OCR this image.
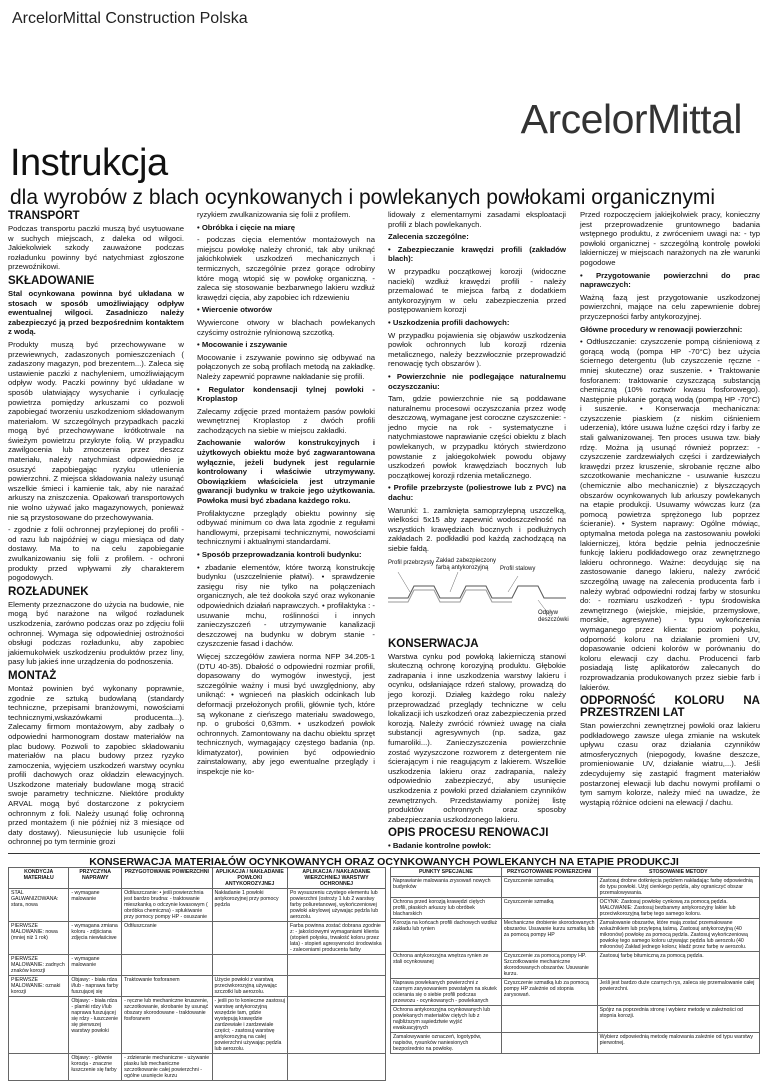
ArcelorMittal Construction Polska
ArcelorMittal
Instrukcja
dla wyrobów z blach ocynkowanych i powlekanych powłokami organicznymi
TRANSPORT

Podczas transportu paczki muszą być usytuowane w suchych miejscach, z daleka od wilgoci. Jakiekolwiek szkody zauważone podczas rozładunku powinny być natychmiast zgłoszone przewoźnikowi.

SKŁADOWANIE

Stal ocynkowana powinna być układana w stosach w sposób umożliwiający odpływ ewentualnej wilgoci. Zasadniczo należy zabezpieczyć ją przed bezpośrednim kontaktem z wodą.

Produkty muszą być przechowywane w przewiewnych, zadaszonych pomieszczeniach ( zadaszony magazyn, pod brezentem...). Zaleca się ustawienie paczki z nachyleniem, umożliwiającym odpływ wody. Paczki powinny być układane w sposób ułatwiający wysychanie i cyrkulację powietrza pomiędzy arkuszami co pozwoli zapobiegać tworzeniu uszkodzeniom składowanym materiałom. W szczególnych przypadkach paczki mogą być przechowywane krótkotrwale na świeżym powietrzu przykryte folią. W przypadku zawilgocenia lub zmoczenia przez deszcz materiału, należy natychmiast odpowiednio je osuszyć zapobiegając ryzyku utlenienia powierzchni. Z miejsca składowania należy usunąć wszelkie śmieci i kamienie tak, aby nie narażać arkuszy na zniszczenia. Opakowań transportowych nie wolno używać jako magazynowych, ponieważ nie są przystosowane do przechowywania.

- zgodnie z folii ochronnej przylepionej do profili - od razu lub najpóźniej w ciągu miesiąca od daty dostawy. Ma to na celu zapobieganie zwulkanizowaniu się folii z profilem. - ochroni produkty przed wpływami zły charakterem pogodowych.

ROZŁADUNEK

Elementy przeznaczone do użycia na budowie, nie mogą być narażone na wilgoć rozładunek uszkodzenia, zarówno podczas oraz po zdjęciu folii ochronnej. Wymaga się odpowiedniej ostrożności obsługi podczas rozładunku, aby zapobiec jakiemukolwiek uszkodzeniu produktów przez liny, pasy lub jakieś inne urządzenia do podnoszenia.

MONTAŻ

Montaż powinien być wykonany poprawnie, zgodnie ze sztuką budowlaną (standardy techniczne, przepisami branżowymi, nowościami technicznymi,wskazówkami producenta...). Zalecamy firmom montażowym, aby zadbały o odpowiedni harmonogram dostaw materiałów na plac budowy. Pozwoli to zapobiec składowaniu materiałów na placu budowy przez ryzyko zamoczenia, wyjęciem uszkodzeń warstwy ocynku profili dachowych oraz okładzin elewacyjnych. Uszkodzone materiały budowlane mogą stracić swoje parametry techniczne. Niektóre produkty ARVAL mogą być dostarczone z pokryciem ochronnym z foli. Należy usunąć folię ochronną przed montażem (i nie później niż 3 miesiące od daty dostawy). Nieusunięcie lub usunięcie folii ochronnej po tym terminie grozi

ryzykiem zwulkanizowania się folii z profilem.

• Obróbka i cięcie na miarę

- podczas cięcia elementów montażowych na miejscu powłokę należy chronić, tak aby uniknąć jakichkolwiek uszkodzeń mechanicznych i termicznych, szczególnie przez gorące odrobiny które mogą wtopić się w powłokę organiczną. - zaleca się stosowanie bezbarwnego lakieru wzdłuż krawędzi cięcia, aby zapobiec ich rdzewieniu

• Wiercenie otworów

Wywiercone otwory w blachach powlekanych czyścimy ostrożnie rylnionową szczotką.

• Mocowanie i zszywanie

Mocowanie i zszywanie powinno się odbywać na połączonych ze sobą profilach metodą na zakładkę. Należy zapewnić poprawne nakładanie się profili.

• Regulator kondensacji tylnej powłoki - Kroplastop

Zalecamy zdjęcie przed montażem pasów powłoki wewnętrznej Kroplastop z dwóch profili zachodzących na siebie w miejscu zakładki.

Zachowanie walorów konstrukcyjnych i użytkowych obiektu może być zagwarantowana wyłącznie, jeżeli budynek jest regularnie kontrolowany i właściwie utrzymywany. Obowiązkiem właściciela jest utrzymanie gwarancji budynku w trakcie jego użytkowania. Powłoka musi być zbadana każdego roku.

Profilaktyczne przeglądy obiektu powinny się odbywać minimum co dwa lata zgodnie z regułami handlowymi, przepisami technicznymi, nowościami technicznymi i aktualnymi standardami.

• Sposób przeprowadzania kontroli budynku:

• zbadanie elementów, które tworzą konstrukcję budynku (uszczelnienie płatwi). • sprawdzenie zasięgu risy nie tylko na połączeniach organicznych, ale też dookoła szyć oraz wykonanie odpowiednich działań naprawczych. • profilaktyka : - usuwanie mchu, roślinności i innych zanieczyszczeń - utrzymywanie kanalizacji deszczowej na budynku w dobrym stanie - czyszczenie fasad i dachów.

Więcej szczegółów zawiera norma NFP 34.205-1 (DTU 40-35). Dbałość o odpowiedni rozmiar profili, dopasowany do wymogów inwestycji, jest szczególnie ważny i musi być uwzględniony, aby uniknąć: • wgnieceń na płaskich odcinkach lub deformacji przełożonych profili, głównie tych, które są wykonane z cieńszego materiału swadowego, np. o grubości 0,63mm. • uszkodzeń powłok ochronnych. Zamontowany na dachu obiektu sprzęt technicznych, wymagający częstego badania (np. klimatyzator), powinien być odpowiednio zainstalowany, aby jego ewentualne przeglądy i inspekcje nie ko-

lidowały z elementarnymi zasadami eksploatacji profili z blach powlekanych.

Zalecenia szczególne:

• Zabezpieczanie krawędzi profili (zakładów blach):

W przypadku początkowej korozji (widoczne nacieki) wzdłuż krawędzi profili - należy przemalować te miejsca farbą z dodatkiem antykorozyjnym w celu zabezpieczenia przed postępowaniem korozji

• Uszkodzenia profili dachowych:

W przypadku pojawienia się objawów uszkodzenia powłok ochronnych lub korozji rdzenia metalicznego, należy bezzwłocznie przeprowadzić renowację tych obszarów ).

• Powierzchnie nie podlegające naturalnemu oczyszczaniu:

Tam, gdzie powierzchnie nie są poddawane naturalnemu procesowi oczyszczania przez wodę deszczową, wymagane jest coroczne czyszczenie: - jedno mycie na rok - systematyczne i natychmiastowe naprawianie części obiektu z blach powlekanych, w przypadku których stwierdzono powstanie z jakiegokolwiek powodu objawy uszkodzeń powłok krawędziach bocznych lub początkowej korozji rdzenia metalicznego.

• Profile przebrzyste (poliestrowe lub z PVC) na dachu:

Warunki: 1. zamknięta samoprzylepną uszczelką, wielkości 5x15 aby zapewnić wodoszczelność na wszystkich krawędziach bocznych i podłużnych zakładach 2. podkładki pod każdą zachodzącą na siebie fałdą.

Profil przebrzysty Zakład zabezpieczony farbą antykorozyjną	Profil stalowy
Odpływ deszczówki
KONSERWACJA

Warstwa cynku pod powłoką lakierniczą stanowi skuteczną ochronę korozyjną produktu. Głębokie zadrapania i inne uszkodzenia warstwy lakieru i ocynku, odsłaniające rdzeń stalowy, prowadzą do jego korozji. Działeg każdego roku należy przeprowadzać przeglądy techniczne w celu lokalizacji ich uszkodzeń oraz zabezpieczenia przed korozją. Należy zwrócić również uwagę na ciała substancji agresywnych (np. sadza, gaz fumaroliki...). Zanieczyszczenia powierzchnie zostać wyzyszczone rozworem z detergentem nie ścierającym i nie reagującym z lakierem. Wszelkie uszkodzenia lakieru oraz zadrapania, należy odpowiednio zabezpieczyć, aby usunięcie uszkodzenia z powłoki przed działaniem czynników zewnętrznych. Przedstawiamy poniżej listę produktów ochronnych oraz sposoby zabezpieczania uszkodzonego lakieru.

OPIS PROCESU RENOWACJI

• Badanie kontrolne powłok:

Przed rozpoczęciem jakiejkolwiek pracy, konieczny jest przeprowadzenie gruntownego badania wstępnego produktu, z zwróceniem uwagi na: - typ powłoki organicznej - szczególną kontrolę powłoki lakierniczej w miejscach narażonych na złe warunki pogodowe

• Przygotowanie powierzchni do prac naprawczych:

Ważną fazą jest przygotowanie uszkodzonej powierzchni, mające na celu zapewnienie dobrej przyczepności farby antykorozyjnej.

Główne procedury w renowacji powierzchni:

• Odtłuszczanie: czyszczenie pompą ciśnieniową z gorącą wodą (pompa HP -70°C) bez użycia ściernego detergentu (lub czyszczenie ręczne - mniej skuteczne) oraz suszenie. • Traktowanie fosforanem: traktowanie czyszczącą substancją chemiczną (10% roztwór kwasu fosforowego). Następnie płukanie gorącą wodą (pompą HP -70°C) i suszenie. • Konserwacja mechaniczna: czyszczenie piaskiem (z niskim ciśnieniem uderzenia), które usuwa luźne części rdzy i farby ze stali galwanizowanej. Ten proces usuwa tzw. biały rdzę. Można ją usunąć również poprzez: - czyszczenie zardzewiałych części i zardzewiałych krawędzi przez kruszenie, skrobanie ręczne albo szczotkowanie mechaniczne - usuwanie łuszczu (chemicznie albo mechanicznie) z błyszczących obszarów ocynkowanych lub arkuszy powlekanych na etapie produkcji. Usuwamy wówczas kurz (za pomocą powietrza sprężonego lub poprzez ścieranie). • System naprawy: Ogólne mówiąc, optymalna metoda polega na zastosowaniu powłoki lakierniczej, która będzie pełnia jednocześnie funkcję lakieru podkładowego oraz zewnętrznego lakieru ochronnego. Ważne: decydując się na zastosowanie danego lakieru, należy zwrócić szczególną uwagę na zalecenia producenta farb i należy wybrać odpowiedni rodzaj farby w stosunku do: - rozmiaru uszkodzeń - typu środowiska zewnętrznego (wiejskie, miejskie, przemysłowe, morskie, agresywne) - typu wykończenia wymaganego przez klienta: poziom połysku, odporność koloru na działanie promieni UV, dopasowanie odcieni kolorów w porównaniu do koloru elewacji czy dachu. Producenci farb posiadają listę aplikatorów zalecanych do rozprowadzania produkowanych przez siebie farb i lakierów.

ODPORNOŚĆ KOLORU NA PRZESTRZENI LAT

Stan powierzchni zewnętrznej powłoki oraz lakieru podkładowego zawsze ulega zmianie na wskutek upływu czasu oraz działania czynników atmosferycznych (niepogody, kwaśne deszcze, promieniowanie UV, działanie wiatru,...). Jeśli zdecydujemy się zastąpić fragment materiałów postarzonej elewacji lub dachu nowymi profilami o tym samym kolorze, należy mieć na uwadze, że wystąpią różnice odcieni na elewacji / dachu.

KONSERWACJA MATERIAŁÓW OCYNKOWANYCH ORAZ OCYNKOWANYCH POWLEKANYCH NA ETAPIE PRODUKCJI
KONDYCJA MATERIAŁU	PRZYCZYNA NAPRAWY	PRZYGOTOWANIE POWIERZCHNI	APLIKACJA / NAKŁADANIE POWŁOKI ANTYKOROZYJNEJ	APLIKACJA / NAKŁADANIE WIERZCHNIEJ WARSTWY OCHRONNEJ
STAL GALWANIZOWANA: stara, nowa	- wymagane malowanie	Odtłuszczanie: • jeśli powierzchnia jest bardzo brudna: - traktowanie mieszkanką o odczynie kwasowym ( obróbka chemiczna) - spłukiwanie przy pomocy pompy HP - osuszanie	Nakładanie 1 powłoki antykorozyjnej przy pomocy pędzla	Po wysuszeniu czystego elementu lub powierzchni (ostroży 1 lub 2 warstwy farby poliuretanowej, wykończeniowej powłoki akrylowej używając pędzla lub aerozolu.
PIERWSZE MALOWANIE: nowa (mniej niż 1 rok)	- wymagana zmiana koloru - zdjściana zdjęcia niewłaściwe	Odtłuszczanie		Farba powinna zostać dobrana zgodnie z: - jakościowymi wymaganiami klienta (stopień połysku, trwałość koloru przez lata) - stopień agresywności środowiska - zaleceniami producenta farby
PIERWSZE MALOWANIE: zadnych znaków korozji	- wymagane malowanie			
PIERWSZE MALOWANIE: oznaki korozji	Objawy: - biała rdza i/lub - naprawa farby fuszującej się	Traktowanie fosforanem	Użycie powłoki z warstwą przeciwkorozyjną używając szczotki lub aerozolu.	
	Objawy: - biała rdza - plamki rdzy i/lub naprawa fuszującej się rdzy - łuszczenie się pierwszej warstwy powłoki	- ręczne lub mechaniczne kruszenie, szczotkowanie, skrobanie by usunąć obszary skorodowane - traktowanie fosforanem	- jeśli po to konieczne zastosuj warstwę antykorozyjną wszędzie tam, gdzie występują krawędzie zardzewiałe i zardzewiałe części; - zastosuj warstwę antykorozyjną na całej powierzchni używając pędzla lub aerozolu.	
	Objawy: - głównie korozja - znaczne łuszczenie się farby	- zdzieranie mechaniczne - używanie piasku lub mechaniczne szczotkowanie całej powierzchni - ogólne usunięcie kurzu		
PUNKTY SPECJALNE	PRZYGOTOWANIE POWIERZCHNI	STOSOWANIE METODY
Naprawianie malowania zrysowań nowych budynków	Czyszczenie szmatką	Zastosuj drobne dotknięcia pędzlem nakładając farbę odpowiednią do typu powłoki. Użyj cienkiego pędzla, aby ograniczyć obszar przemalowywania.
Ochrona przed korozją krawędzi ciętych profili, płaskich arkuszy lub obróbek blacharskich	Czyszczenie szmatką	OCYNK: Zastosuj powłokę cynkową za pomocą pędzla. MALOWANIE: Zastosuj bezbarwny antykorozyjny lakier lub przeciwkorozyjną farbę tego samego koloru.
Korozja na końcach profili dachowych wzdłuż zakładu lub rynien	Mechaniczne drobienie skorodowanych obszarów. Usuwanie kurzu szmatką lub za pomocą pompy HP	Zamalowanie obszarów, które mają zostać przemalowane wskaźnikiem lub przylepną taśmą. Zastosuj antykorozyjną (40 mikronów) powłokę za pomocą pędzla. Zastosuj wykończeniową powłokę tego samego koloru używając pędzla lub aerozolu (40 mikronów) Zakład jednego koloru; kładź przez farbę w aerozolu.
Ochrona antykorozyjna wnętrza rynien ze stali ocynkowanej	Czyszczenie za pomocą pompy HP. Szczotkowanie mechaniczne skorodowanych obszarów. Usuwanie kurzu.	Zastosuj farbę bitumiczną za pomocą pędzla.
Naprawa powlekanych powierzchni z czarnym zarysowaniem powstałym na skutek ocierania się o siebie profili podczas przewozu - ocynkowanych - powlekanych	Czyszczenie szmatką lub za pomocą pompy HP zależnie od stopnia zarysowań.	Jeśli jest bardzo duże czarnych rys, zaleca się przemalowanie całej powierzchni.
Ochrona antykorozyjna ocynkowanych lub powlekanych materiałów ciętych lub z najbliższym sąsiedztwie wyjść ewakuacyjnych		Spójrz na poprzednia stronę i wybierz metodę w zależności od stopnia korozji.
Zamalowywanie oznaczeń, logotypów, napisów, rysunków naniesionych bezpośrednio na powłokę.		Wybierz odpowiednią metodę malowania zależnie od typu warstwy pierwotnej.
